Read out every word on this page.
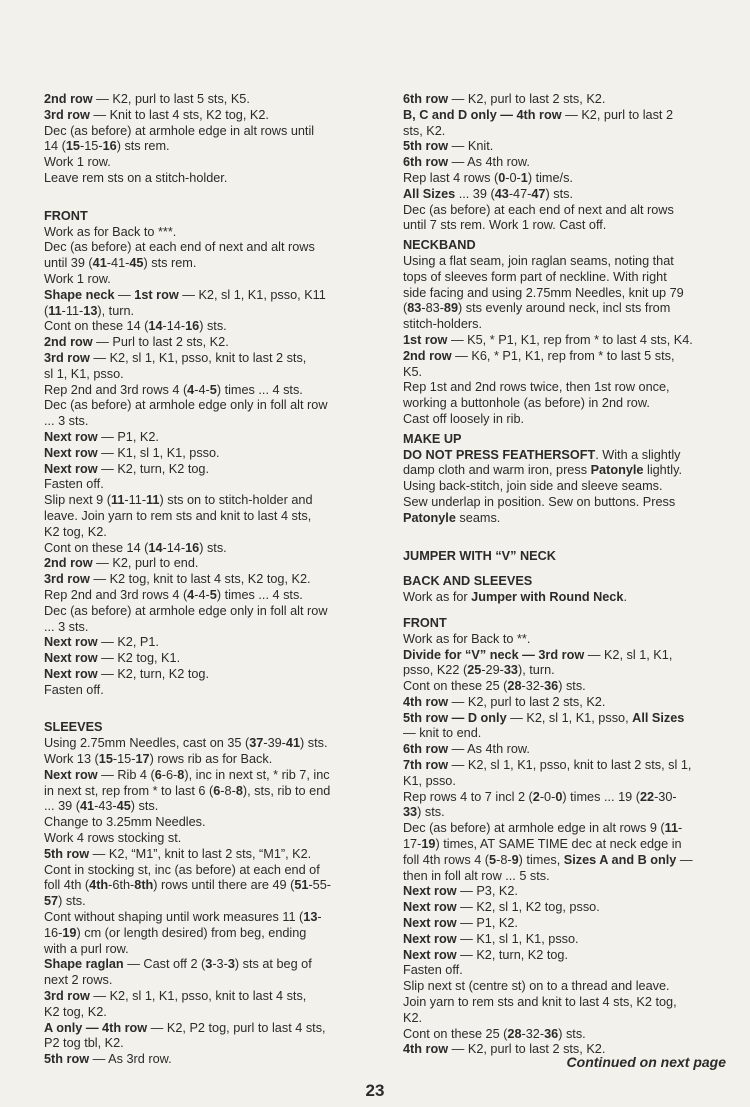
2nd row — K2, purl to last 5 sts, K5.
3rd row — Knit to last 4 sts, K2 tog, K2.
Dec (as before) at armhole edge in alt rows until
14 (15-15-16) sts rem.
Work 1 row.
Leave rem sts on a stitch-holder.
FRONT
Work as for Back to ***.
Dec (as before) at each end of next and alt rows
until 39 (41-41-45) sts rem.
Work 1 row.
Shape neck — 1st row — K2, sl 1, K1, psso, K11
(11-11-13), turn.
Cont on these 14 (14-14-16) sts.
2nd row — Purl to last 2 sts, K2.
3rd row — K2, sl 1, K1, psso, knit to last 2 sts,
sl 1, K1, psso.
Rep 2nd and 3rd rows 4 (4-4-5) times ... 4 sts.
Dec (as before) at armhole edge only in foll alt row
... 3 sts.
Next row — P1, K2.
Next row — K1, sl 1, K1, psso.
Next row — K2, turn, K2 tog.
Fasten off.
Slip next 9 (11-11-11) sts on to stitch-holder and
leave. Join yarn to rem sts and knit to last 4 sts,
K2 tog, K2.
Cont on these 14 (14-14-16) sts.
2nd row — K2, purl to end.
3rd row — K2 tog, knit to last 4 sts, K2 tog, K2.
Rep 2nd and 3rd rows 4 (4-4-5) times ... 4 sts.
Dec (as before) at armhole edge only in foll alt row
... 3 sts.
Next row — K2, P1.
Next row — K2 tog, K1.
Next row — K2, turn, K2 tog.
Fasten off.
SLEEVES
Using 2.75mm Needles, cast on 35 (37-39-41) sts.
Work 13 (15-15-17) rows rib as for Back.
Next row — Rib 4 (6-6-8), inc in next st, * rib 7, inc
in next st, rep from * to last 6 (6-8-8), sts, rib to end
... 39 (41-43-45) sts.
Change to 3.25mm Needles.
Work 4 rows stocking st.
5th row — K2, “M1”, knit to last 2 sts, “M1”, K2.
Cont in stocking st, inc (as before) at each end of
foll 4th (4th-6th-8th) rows until there are 49 (51-55-
57) sts.
Cont without shaping until work measures 11 (13-
16-19) cm (or length desired) from beg, ending
with a purl row.
Shape raglan — Cast off 2 (3-3-3) sts at beg of
next 2 rows.
3rd row — K2, sl 1, K1, psso, knit to last 4 sts,
K2 tog, K2.
A only — 4th row — K2, P2 tog, purl to last 4 sts,
P2 tog tbl, K2.
5th row — As 3rd row.
6th row — K2, purl to last 2 sts, K2.
B, C and D only — 4th row — K2, purl to last 2
sts, K2.
5th row — Knit.
6th row — As 4th row.
Rep last 4 rows (0-0-1) time/s.
All Sizes ... 39 (43-47-47) sts.
Dec (as before) at each end of next and alt rows
until 7 sts rem. Work 1 row. Cast off.
NECKBAND
Using a flat seam, join raglan seams, noting that
tops of sleeves form part of neckline. With right
side facing and using 2.75mm Needles, knit up 79
(83-83-89) sts evenly around neck, incl sts from
stitch-holders.
1st row — K5, * P1, K1, rep from * to last 4 sts, K4.
2nd row — K6, * P1, K1, rep from * to last 5 sts,
K5.
Rep 1st and 2nd rows twice, then 1st row once,
working a buttonhole (as before) in 2nd row.
Cast off loosely in rib.
MAKE UP
DO NOT PRESS FEATHERSOFT. With a slightly
damp cloth and warm iron, press Patonyle lightly.
Using back-stitch, join side and sleeve seams.
Sew underlap in position. Sew on buttons. Press
Patonyle seams.
JUMPER WITH “V” NECK
BACK AND SLEEVES
Work as for Jumper with Round Neck.
FRONT
Work as for Back to **.
Divide for “V” neck — 3rd row — K2, sl 1, K1,
psso, K22 (25-29-33), turn.
Cont on these 25 (28-32-36) sts.
4th row — K2, purl to last 2 sts, K2.
5th row — D only — K2, sl 1, K1, psso, All Sizes
— knit to end.
6th row — As 4th row.
7th row — K2, sl 1, K1, psso, knit to last 2 sts, sl 1,
K1, psso.
Rep rows 4 to 7 incl 2 (2-0-0) times ... 19 (22-30-
33) sts.
Dec (as before) at armhole edge in alt rows 9 (11-
17-19) times, AT SAME TIME dec at neck edge in
foll 4th rows 4 (5-8-9) times, Sizes A and B only —
then in foll alt row ... 5 sts.
Next row — P3, K2.
Next row — K2, sl 1, K2 tog, psso.
Next row — P1, K2.
Next row — K1, sl 1, K1, psso.
Next row — K2, turn, K2 tog.
Fasten off.
Slip next st (centre st) on to a thread and leave.
Join yarn to rem sts and knit to last 4 sts, K2 tog,
K2.
Cont on these 25 (28-32-36) sts.
4th row — K2, purl to last 2 sts, K2.
Continued on next page
23
